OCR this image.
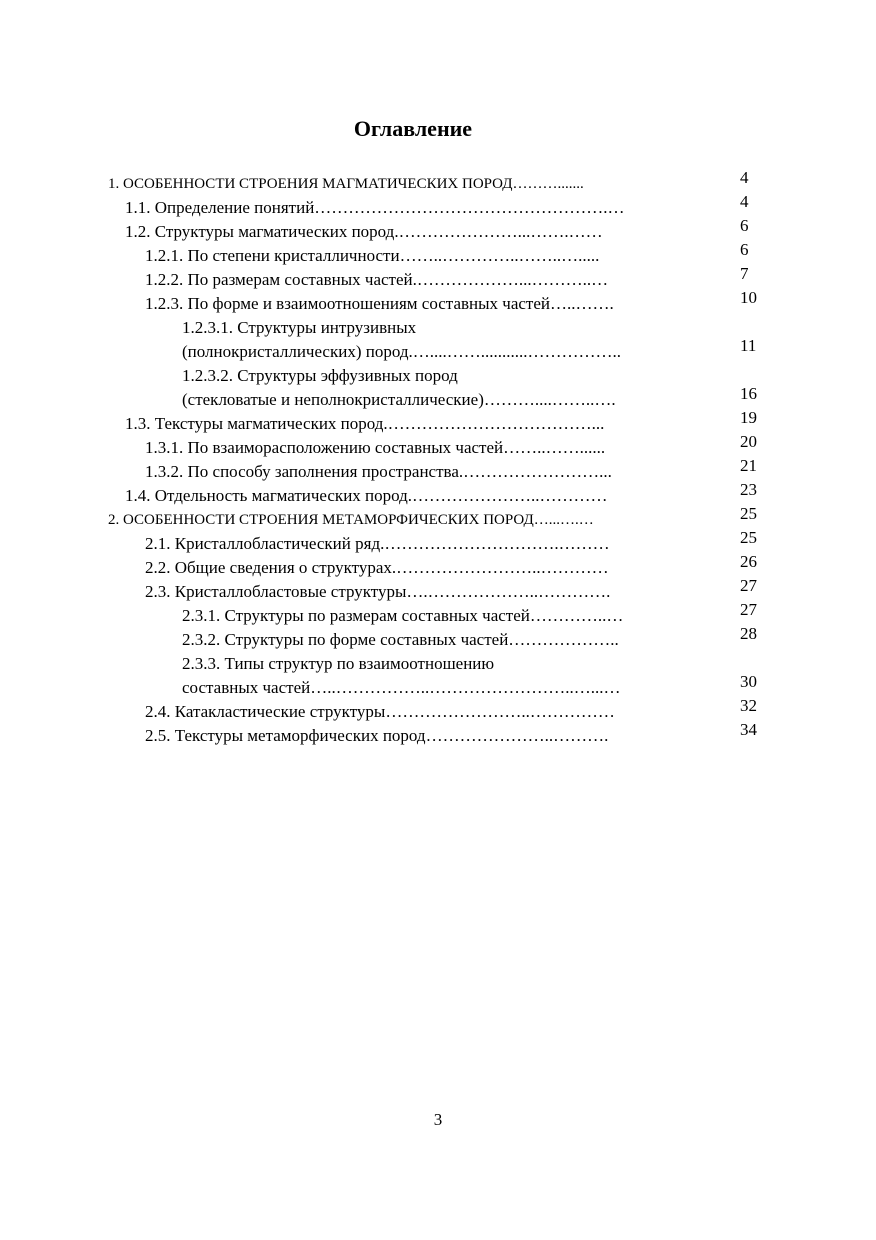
Оглавление
1. ОСОБЕННОСТИ СТРОЕНИЯ МАГМАТИЧЕСКИХ ПОРОД……….......	4
1.1. Определение понятий…………………………………………….…	4
1.2. Структуры магматических пород.…………………...…….……	6
1.2.1. По степени кристалличности……..…………..……..….....	6
1.2.2. По размерам составных частей.………………...………..…	7
1.2.3. По форме и взаимоотношениям составных частей…..…….	10
1.2.3.1. Структуры интрузивных
(полнокристаллических) пород.…....……...........……………..	11
1.2.3.2. Структуры эффузивных пород
(стекловатые и неполнокристаллические)………....……..….	16
1.3. Текстуры магматических пород.………………………………...	19
1.3.1. По взаиморасположению составных частей……..……......	20
1.3.2. По способу заполнения пространства.……………………...	21
1.4. Отдельность магматических пород.…………………..…………	23
2. ОСОБЕННОСТИ СТРОЕНИЯ МЕТАМОРФИЧЕСКИХ ПОРОД…...….…	25
2.1. Кристаллобластический ряд.………………………….………	25
2.2. Общие сведения о структурах.……………………..…………	26
2.3. Кристаллобластовые структуры….………………..………….	27
2.3.1. Структуры по размерам составных частей…………..…	27
2.3.2. Структуры по форме составных частей………………..	28
2.3.3. Типы структур по взаимоотношению
составных частей…..……………..……………………..…...…	30
2.4. Катакластические структуры……………………..……………	32
2.5. Текстуры метаморфических пород…………………..……….	34
3
